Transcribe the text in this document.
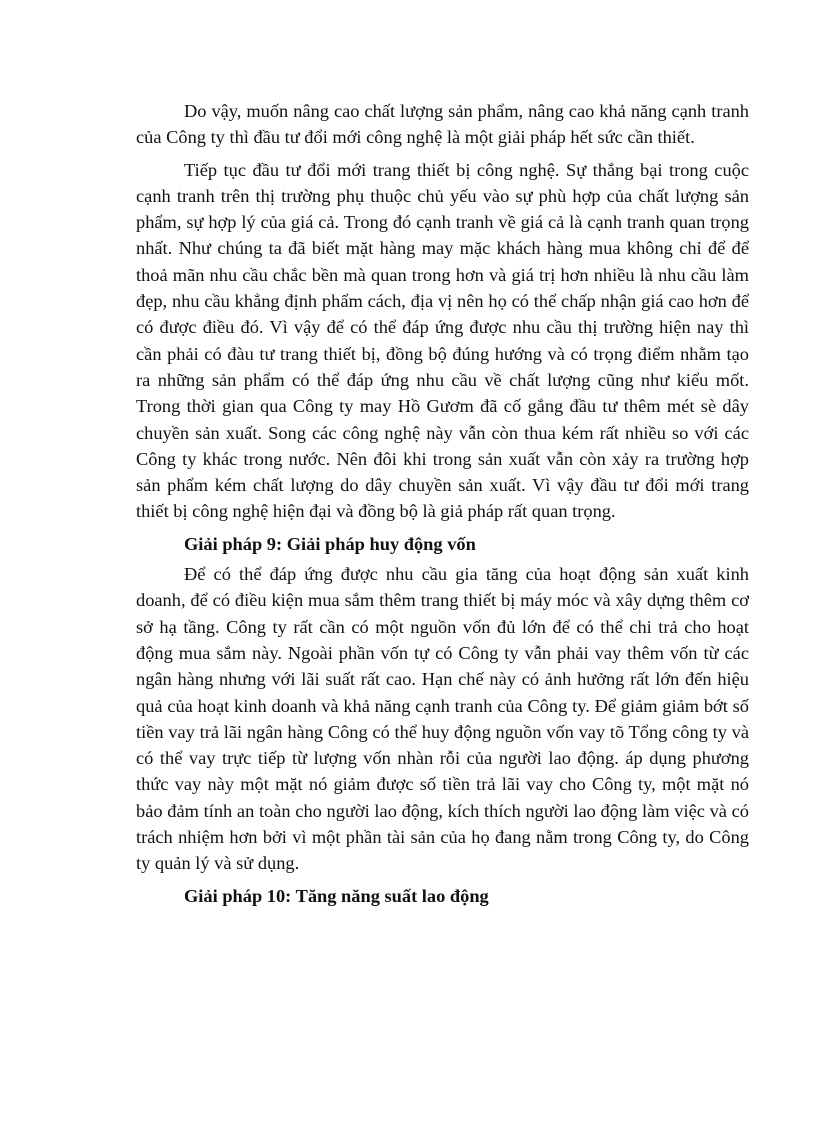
Do vậy, muốn nâng cao chất lượng sản phẩm, nâng cao khả năng cạnh tranh của Công ty thì đầu tư đổi mới công nghệ là một giải pháp hết sức cần thiết.

Tiếp tục đầu tư đổi mới trang thiết bị công nghệ. Sự thắng bại trong cuộc cạnh tranh trên thị trường phụ thuộc chủ yếu vào sự phù hợp của chất lượng sản phẩm, sự hợp lý của giá cả. Trong đó cạnh tranh về giá cả là cạnh tranh quan trọng nhất. Như chúng ta đã biết mặt hàng may mặc khách hàng mua không chỉ để để thoả mãn nhu cầu chắc bền mà quan trong hơn và giá trị hơn nhiều là nhu cầu làm đẹp, nhu cầu khẳng định phẩm cách, địa vị nên họ có thể chấp nhận giá cao hơn để có được điều đó. Vì vậy để có thể đáp ứng được nhu cầu thị trường hiện nay thì cần phải có đàu tư trang thiết bị, đồng bộ đúng hướng và có trọng điểm nhằm tạo ra những sản phẩm có thể đáp ứng nhu cầu về chất lượng cũng như kiểu mốt. Trong thời gian qua Công ty may Hồ Gươm đã cố gắng đầu tư thêm mét sè dây chuyền sản xuất. Song các công nghệ này vẫn còn thua kém rất nhiều so với các Công ty khác trong nước. Nên đôi khi trong sản xuất vẫn còn xảy ra trường hợp sản phẩm kém chất lượng do dây chuyền sản xuất. Vì vậy đầu tư đổi mới trang thiết bị công nghệ hiện đại và đồng bộ là giả pháp rất quan trọng.

Giải pháp 9: Giải pháp huy động vốn

Để có thể đáp ứng được nhu cầu gia tăng của hoạt động sản xuất kinh doanh, để có điều kiện mua sắm thêm trang thiết bị máy móc và xây dựng thêm cơ sở hạ tầng. Công ty rất cần có một nguồn vốn đủ lớn để có thể chi trả cho hoạt động mua sắm này. Ngoài phần vốn tự có Công ty vẫn phải vay thêm vốn từ các ngân hàng nhưng với lãi suất rất cao. Hạn chế này có ảnh hưởng rất lớn đến hiệu quả của hoạt kinh doanh và khả năng cạnh tranh của Công ty. Để giảm giảm bớt số tiền vay trả lãi ngân hàng Công có thể huy động nguồn vốn vay tõ Tổng công ty và có thể vay trực tiếp từ lượng vốn nhàn rỗi của người lao động. áp dụng phương thức vay này một mặt nó giảm được số tiền trả lãi vay cho Công ty, một mặt nó bảo đảm tính an toàn cho người lao động, kích thích người lao động làm việc và có trách nhiệm hơn bởi vì một phần tài sản của họ đang nằm trong Công ty, do Công ty quản lý và sử dụng.

Giải pháp 10: Tăng năng suất lao động
